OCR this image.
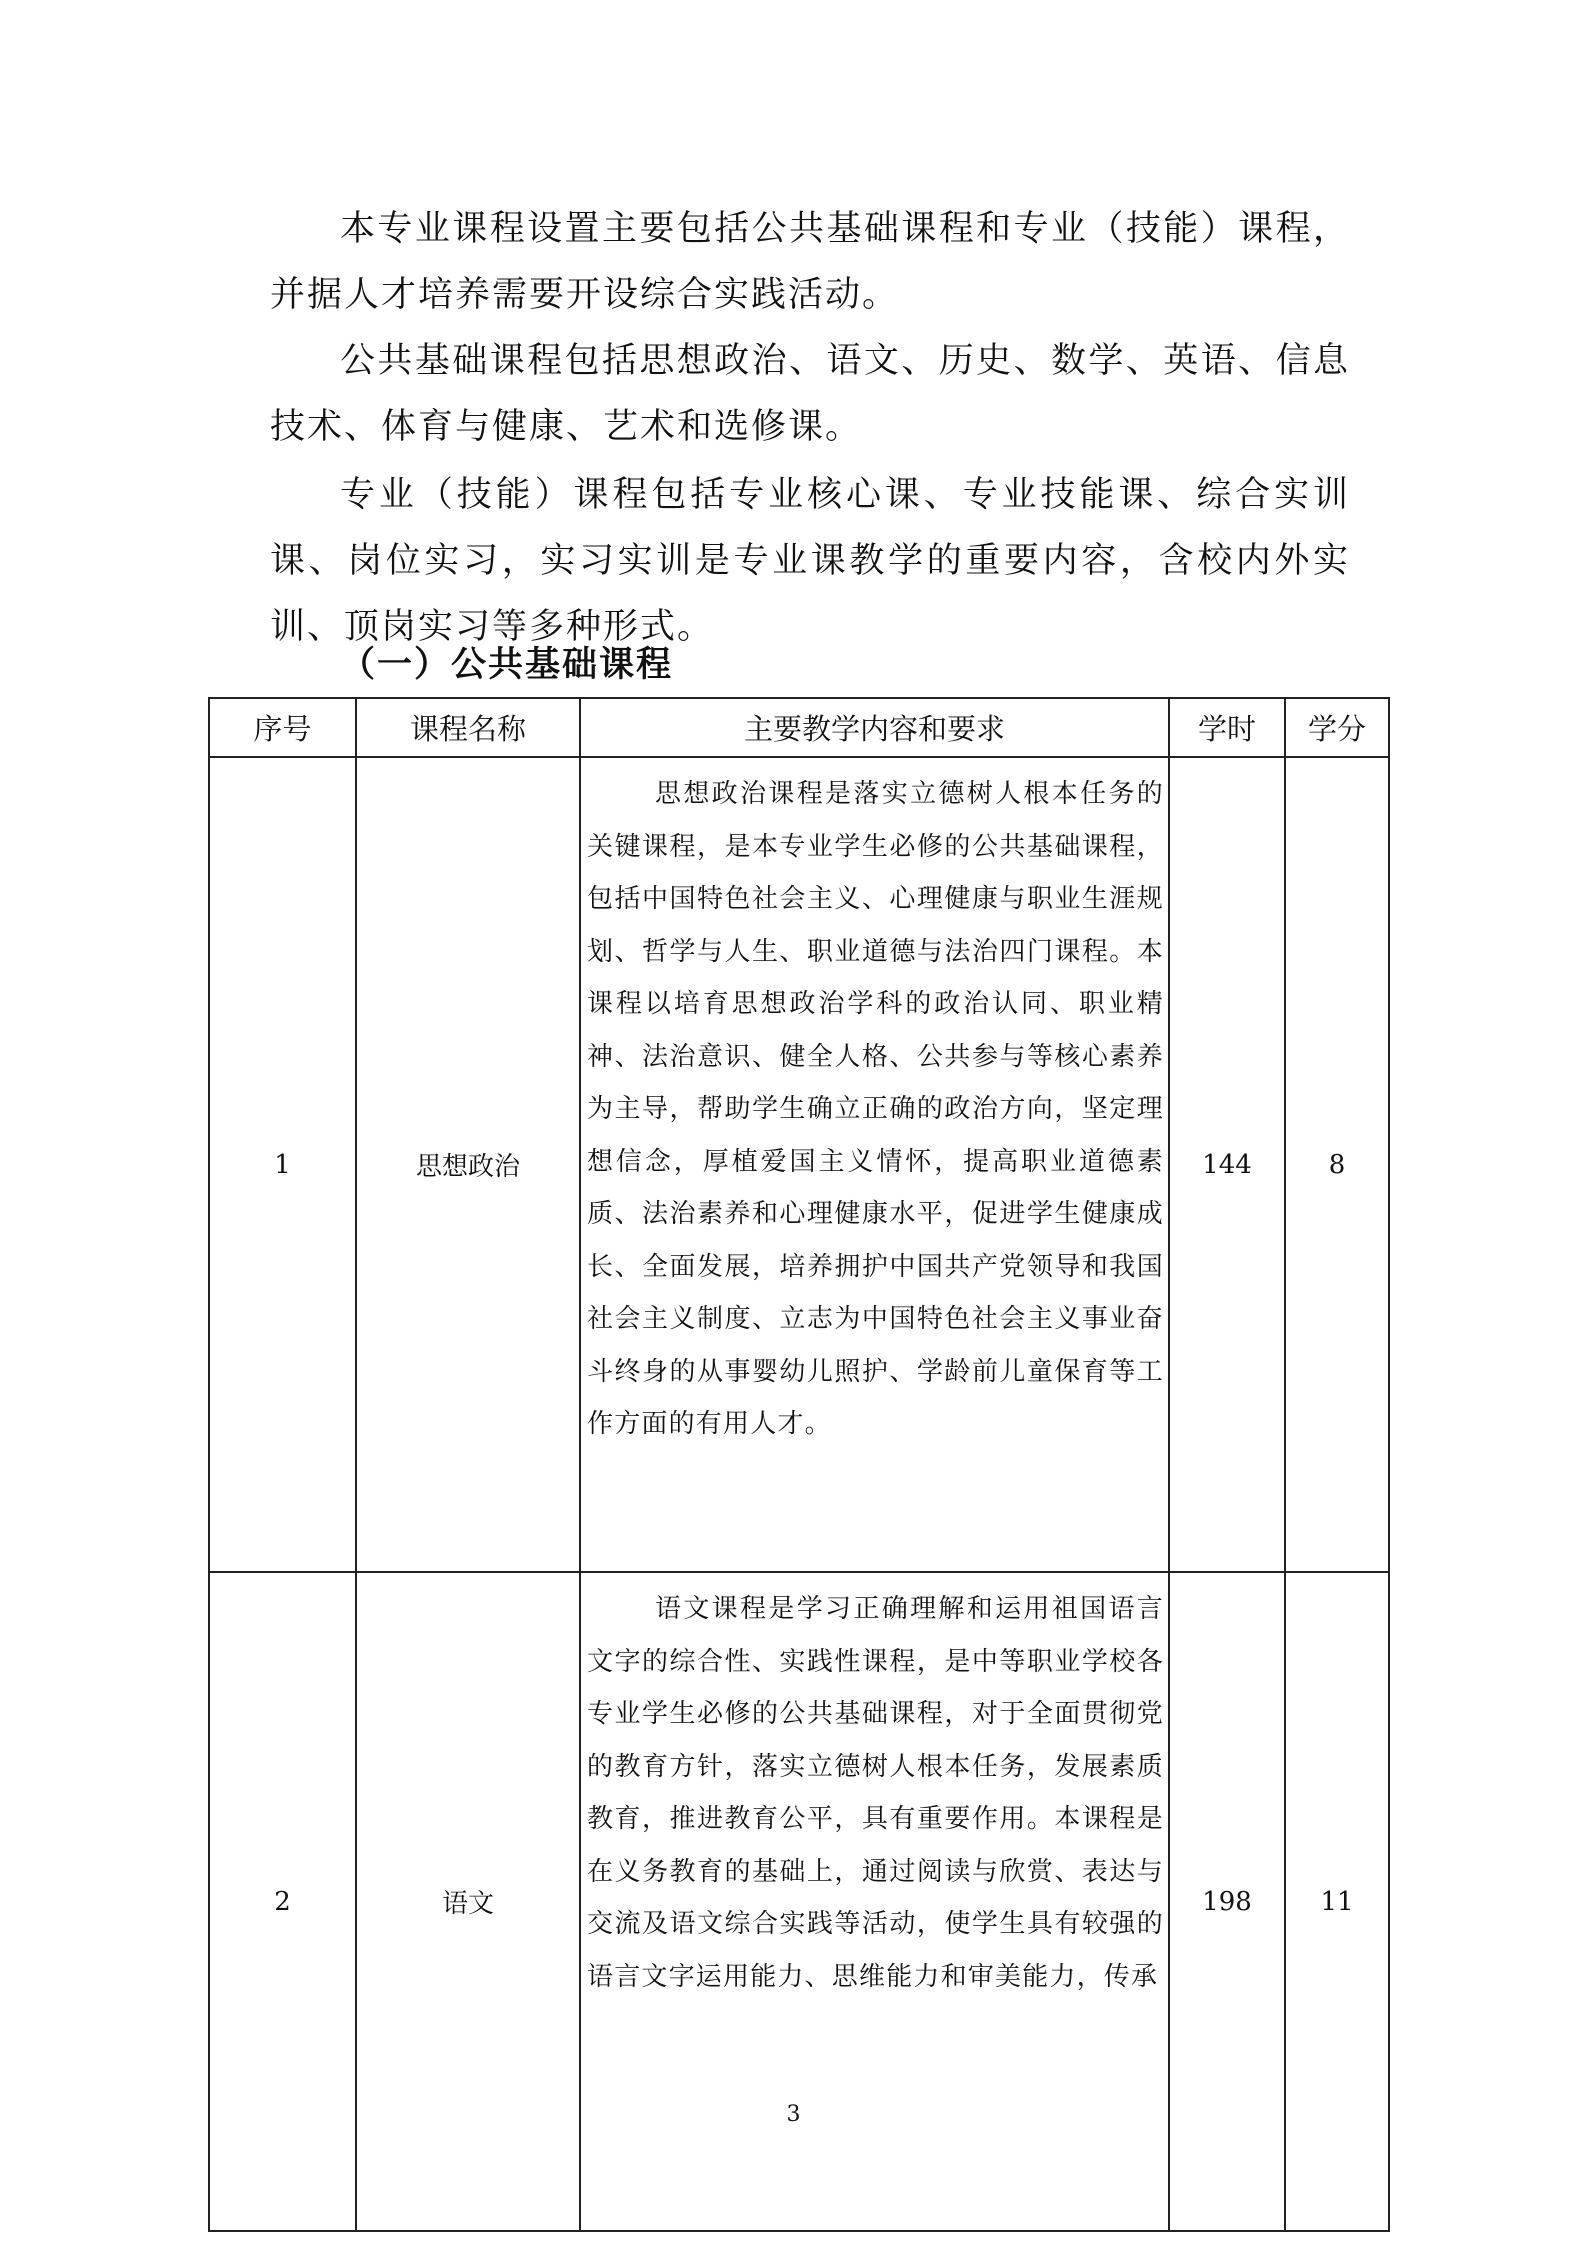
本专业课程设置主要包括公共基础课程和专业（技能）课程，并据人才培养需要开设综合实践活动。

公共基础课程包括思想政治、语文、历史、数学、英语、信息技术、体育与健康、艺术和选修课。

专业（技能）课程包括专业核心课、专业技能课、综合实训课、岗位实习，实习实训是专业课教学的重要内容，含校内外实训、顶岗实习等多种形式。

（一）公共基础课程
序号	课程名称	主要教学内容和要求	学时	学分
1	思想政治	思想政治课程是落实立德树人根本任务的关键课程，是本专业学生必修的公共基础课程，包括中国特色社会主义、心理健康与职业生涯规划、哲学与人生、职业道德与法治四门课程。本课程以培育思想政治学科的政治认同、职业精神、法治意识、健全人格、公共参与等核心素养为主导，帮助学生确立正确的政治方向，坚定理想信念，厚植爱国主义情怀，提高职业道德素质、法治素养和心理健康水平，促进学生健康成长、全面发展，培养拥护中国共产党领导和我国社会主义制度、立志为中国特色社会主义事业奋斗终身的从事婴幼儿照护、学龄前儿童保育等工作方面的有用人才。	144	8
2	语文	语文课程是学习正确理解和运用祖国语言文字的综合性、实践性课程，是中等职业学校各专业学生必修的公共基础课程，对于全面贯彻党的教育方针，落实立德树人根本任务，发展素质教育，推进教育公平，具有重要作用。本课程是在义务教育的基础上，通过阅读与欣赏、表达与交流及语文综合实践等活动，使学生具有较强的语言文字运用能力、思维能力和审美能力，传承	198	11
3
